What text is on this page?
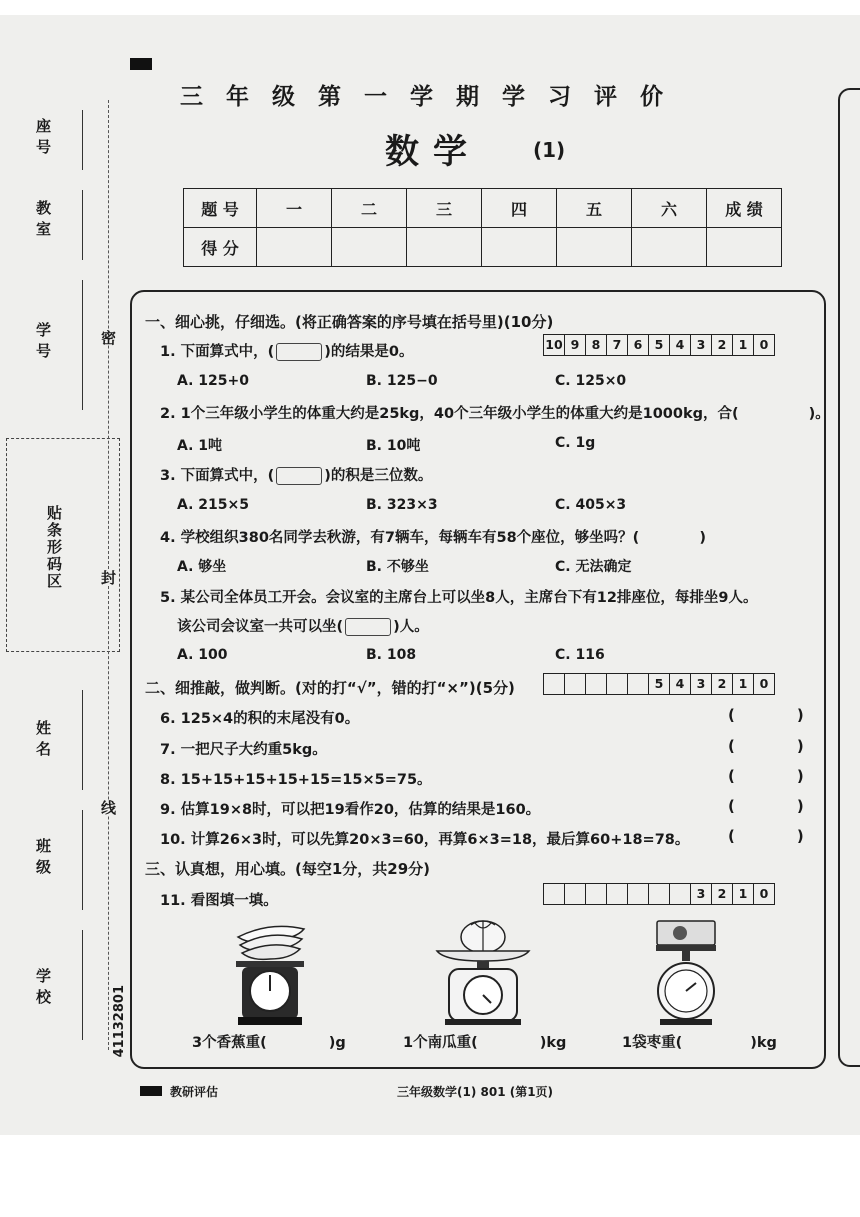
座号
教室
学号
贴条形码区
姓名
班级
学校
密
封
线
41132801
三年级第一学期学习评价
数学	(1)
题 号	一	二	三	四	五	六	成 绩
得 分							
一、细心挑，仔细选。(将正确答案的序号填在括号里)(10分)
10 9 8 7 6 5 4 3 2 1 0
1. 下面算式中，(	)的结果是0。
A. 125+0	B. 125−0	C. 125×0
2. 1个三年级小学生的体重大约是25kg，40个三年级小学生的体重大约是1000kg，合(	)。
A. 1吨	B. 10吨	C. 1g
3. 下面算式中，(	)的积是三位数。
A. 215×5	B. 323×3	C. 405×3
4. 学校组织380名同学去秋游，有7辆车，每辆车有58个座位，够坐吗？(	)
A. 够坐	B. 不够坐	C. 无法确定
5. 某公司全体员工开会。会议室的主席台上可以坐8人，主席台下有12排座位，每排坐9人。
该公司会议室一共可以坐(	)人。
A. 100	B. 108	C. 116
二、细推敲，做判断。(对的打“√”，错的打“×”)(5分)	5 4 3 2 1 0
6. 125×4的积的末尾没有0。	(	)
7. 一把尺子大约重5kg。	(	)
8. 15+15+15+15+15=15×5=75。	(	)
9. 估算19×8时，可以把19看作20，估算的结果是160。	(	)
10. 计算26×3时，可以先算20×3=60，再算6×3=18，最后算60+18=78。	(	)
三、认真想，用心填。(每空1分，共29分)
11. 看图填一填。	3 2 1 0
3个香蕉重(	)g	1个南瓜重(	)kg	1袋枣重(	)kg
教研评估	三年级数学(1) 801 (第1页)
